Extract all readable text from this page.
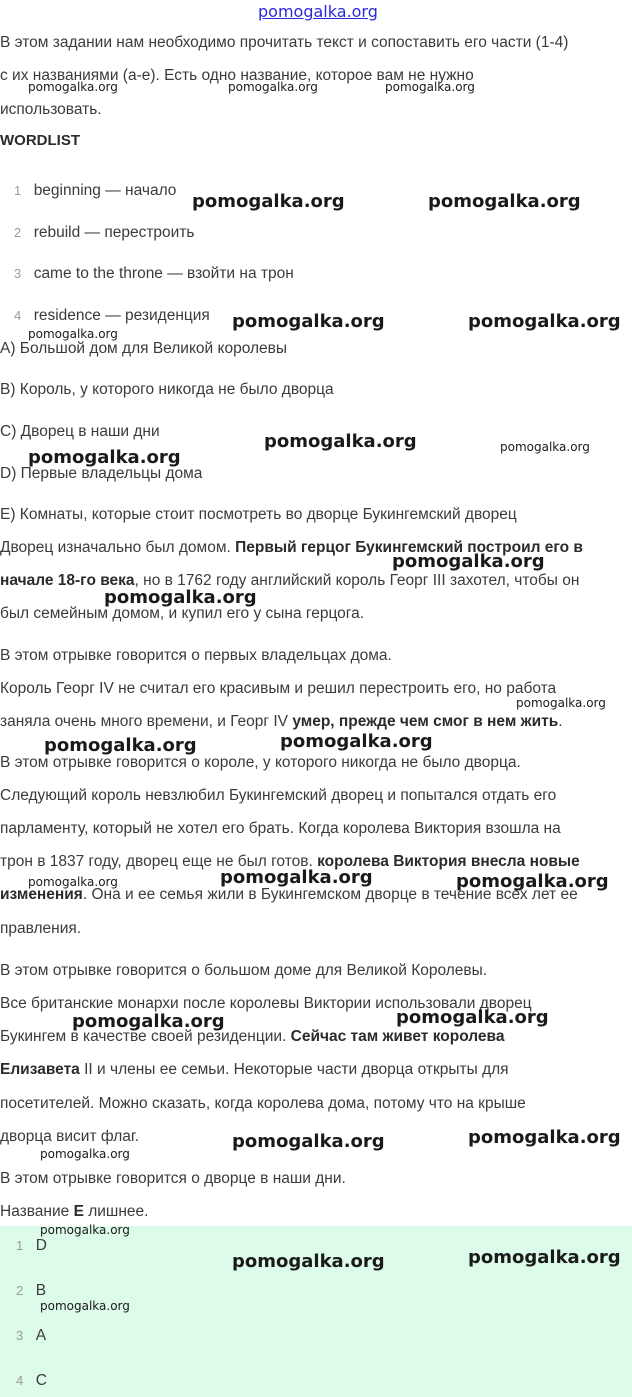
pomogalka.org
В этом задании нам необходимо прочитать текст и сопоставить его части (1-4)
с их названиями (а-е). Есть одно название, которое вам не нужно
использовать.
WORDLIST
1 beginning — начало
2 rebuild — перестроить
3 came to the throne — взойти на трон
4 residence — резиденция
A) Большой дом для Великой королевы
B) Король, у которого никогда не было дворца
C) Дворец в наши дни
D) Первые владельцы дома
E) Комнаты, которые стоит посмотреть во дворце Букингемский дворец
Дворец изначально был домом. Первый герцог Букингемский построил его в
начале 18-го века, но в 1762 году английский король Георг III захотел, чтобы он
был семейным домом, и купил его у сына герцога.
В этом отрывке говорится о первых владельцах дома.
Король Георг IV не считал его красивым и решил перестроить его, но работа
заняла очень много времени, и Георг IV умер, прежде чем смог в нем жить.
В этом отрывке говорится о короле, у которого никогда не было дворца.
Следующий король невзлюбил Букингемский дворец и попытался отдать его
парламенту, который не хотел его брать. Когда королева Виктория взошла на
трон в 1837 году, дворец еще не был готов. королева Виктория внесла новые
изменения. Она и ее семья жили в Букингемском дворце в течение всех лет ее
правления.
В этом отрывке говорится о большом доме для Великой Королевы.
Все британские монархи после королевы Виктории использовали дворец
Букингем в качестве своей резиденции. Сейчас там живет королева
Елизавета II и члены ее семьи. Некоторые части дворца открыты для
посетителей. Можно сказать, когда королева дома, потому что на крыше
дворца висит флаг.
В этом отрывке говорится о дворце в наши дни.
Название E лишнее.
1 D
2 B
3 A
4 C
pomogalka.org	pomogalka.org	pomogalka.org
pomogalka.org	pomogalka.org
pomogalka.org	pomogalka.org
pomogalka.org
pomogalka.org	pomogalka.org
pomogalka.org
pomogalka.org
pomogalka.org
pomogalka.org
pomogalka.org
pomogalka.org
pomogalka.org	pomogalka.org
pomogalka.org
pomogalka.org
pomogalka.org
pomogalka.org
pomogalka.org
pomogalka.org
pomogalka.org
pomogalka.org	pomogalka.org
pomogalka.org
